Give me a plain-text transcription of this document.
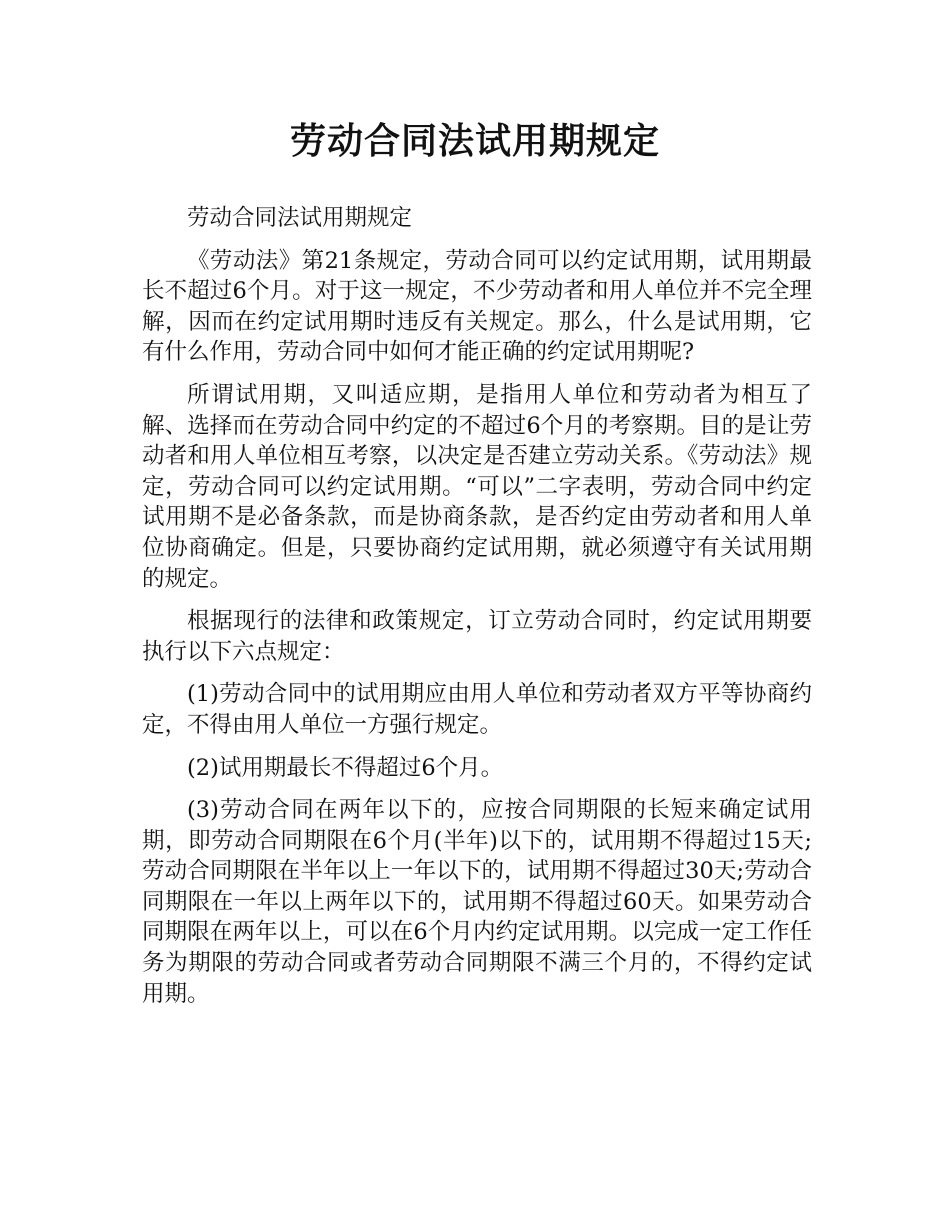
劳动合同法试用期规定

劳动合同法试用期规定

《劳动法》第21条规定，劳动合同可以约定试用期，试用期最长不超过6个月。对于这一规定，不少劳动者和用人单位并不完全理解，因而在约定试用期时违反有关规定。那么，什么是试用期，它有什么作用，劳动合同中如何才能正确的约定试用期呢?

所谓试用期，又叫适应期，是指用人单位和劳动者为相互了解、选择而在劳动合同中约定的不超过6个月的考察期。目的是让劳动者和用人单位相互考察，以决定是否建立劳动关系。《劳动法》规定，劳动合同可以约定试用期。“可以”二字表明，劳动合同中约定试用期不是必备条款，而是协商条款，是否约定由劳动者和用人单位协商确定。但是，只要协商约定试用期，就必须遵守有关试用期的规定。

根据现行的法律和政策规定，订立劳动合同时，约定试用期要执行以下六点规定：

(1)劳动合同中的试用期应由用人单位和劳动者双方平等协商约定，不得由用人单位一方强行规定。

(2)试用期最长不得超过6个月。

(3)劳动合同在两年以下的，应按合同期限的长短来确定试用期，即劳动合同期限在6个月(半年)以下的，试用期不得超过15天;劳动合同期限在半年以上一年以下的，试用期不得超过30天;劳动合同期限在一年以上两年以下的，试用期不得超过60天。如果劳动合同期限在两年以上，可以在6个月内约定试用期。以完成一定工作任务为期限的劳动合同或者劳动合同期限不满三个月的，不得约定试用期。
